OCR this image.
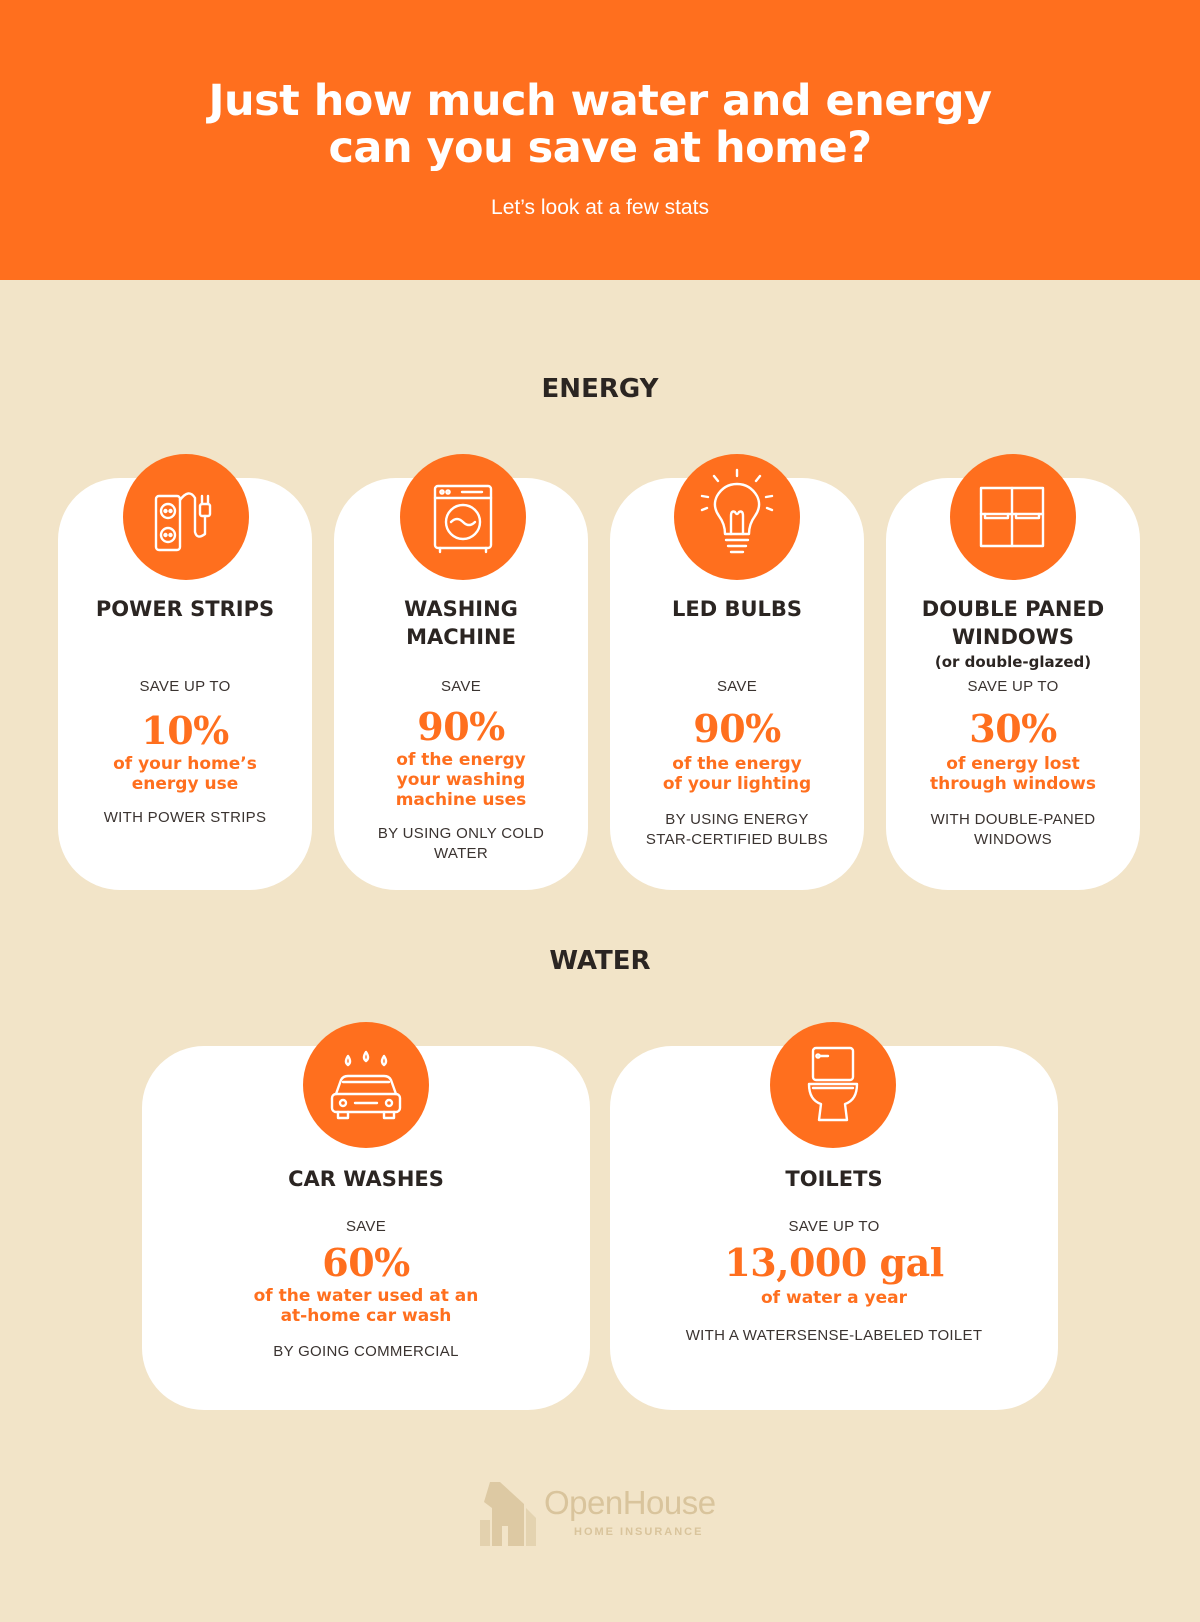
Just how much water and energy
can you save at home?
Let’s look at a few stats
ENERGY

POWER STRIPS

SAVE UP TO

10%

of your home’s

energy use

WITH POWER STRIPS

WASHING

MACHINE

SAVE

90%

of the energy

your washing

machine uses

BY USING ONLY COLD

WATER

LED BULBS

SAVE

90%

of the energy

of your lighting

BY USING ENERGY

STAR-CERTIFIED BULBS

DOUBLE PANED

WINDOWS

(or double-glazed)

SAVE UP TO

30%

of energy lost

through windows

WITH DOUBLE-PANED

WINDOWS

WATER

CAR WASHES

SAVE

60%

of the water used at an

at-home car wash

BY GOING COMMERCIAL

TOILETS

SAVE UP TO

13,000 gal

of water a year

WITH A WATERSENSE-LABELED TOILET

OpenHouse
HOME INSURANCE
